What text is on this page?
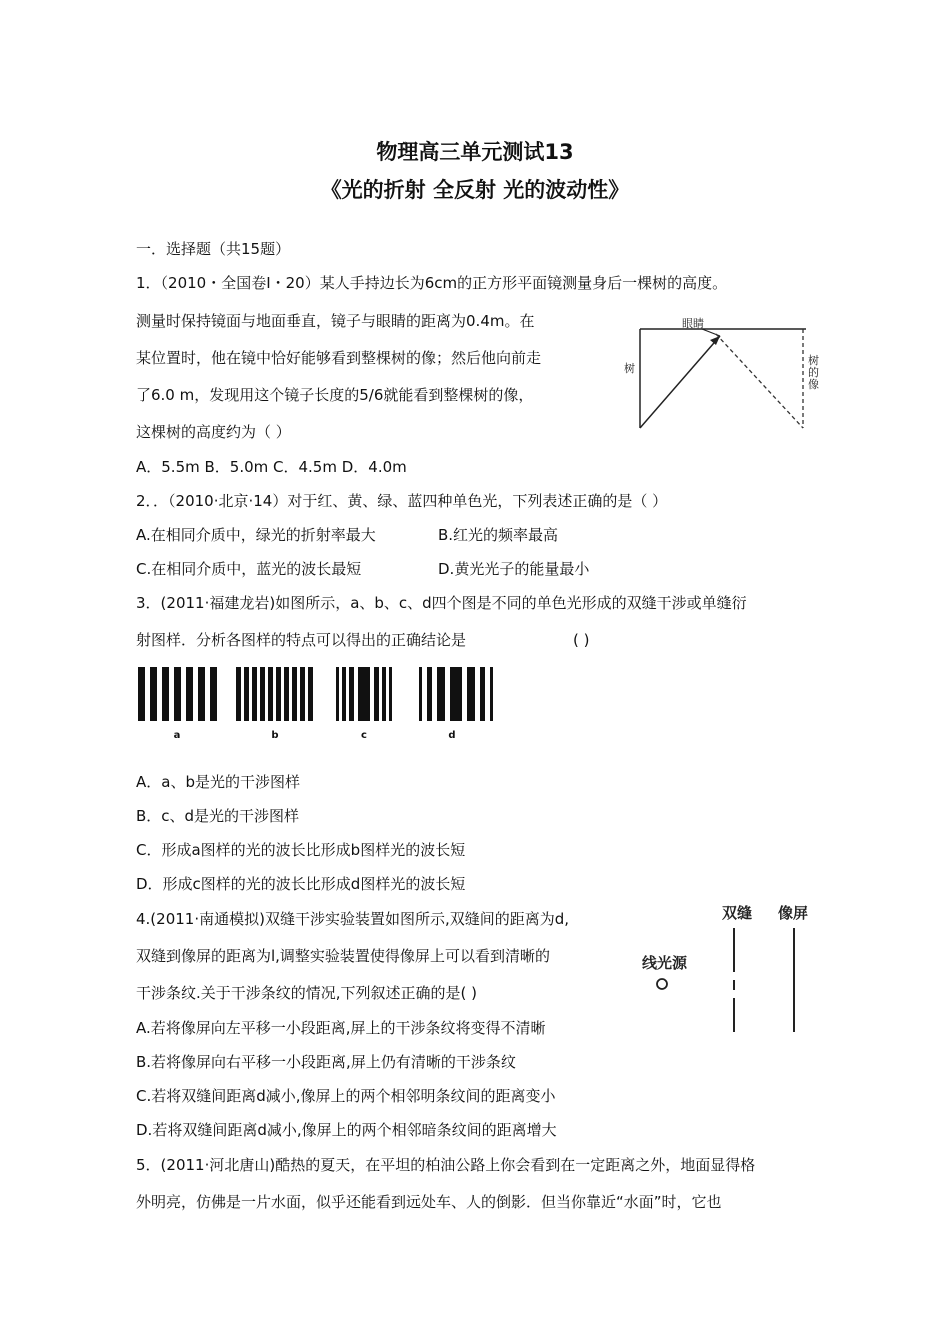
物理高三单元测试13
《光的折射 全反射 光的波动性》
一．选择题（共15题）
1．（2010・全国卷Ⅰ・20）某人手持边长为6cm的正方形平面镜测量身后一棵树的高度。
测量时保持镜面与地面垂直，镜子与眼睛的距离为0.4m。在
某位置时，他在镜中恰好能够看到整棵树的像；然后他向前走
了6.0 m，发现用这个镜子长度的5/6就能看到整棵树的像，
这棵树的高度约为（ ）
A．5.5m B．5.0m C．4.5m D．4.0m
眼睛
树
树
的
像
2．．（2010·北京·14）对于红、黄、绿、蓝四种单色光，下列表述正确的是（ ）
A.在相同介质中，绿光的折射率最大	B.红光的频率最高
C.在相同介质中，蓝光的波长最短	D.黄光光子的能量最小
3．(2011·福建龙岩)如图所示，a、b、c、d四个图是不同的单色光形成的双缝干涉或单缝衍
射图样．分析各图样的特点可以得出的正确结论是	( )
a	b	c	d
A．a、b是光的干涉图样
B．c、d是光的干涉图样
C．形成a图样的光的波长比形成b图样光的波长短
D．形成c图样的光的波长比形成d图样光的波长短
4.(2011·南通模拟)双缝干涉实验装置如图所示,双缝间的距离为d,
双缝到像屏的距离为l,调整实验装置使得像屏上可以看到清晰的
干涉条纹.关于干涉条纹的情况,下列叙述正确的是( )
双缝 像屏
线光源
A.若将像屏向左平移一小段距离,屏上的干涉条纹将变得不清晰
B.若将像屏向右平移一小段距离,屏上仍有清晰的干涉条纹
C.若将双缝间距离d减小,像屏上的两个相邻明条纹间的距离变小
D.若将双缝间距离d减小,像屏上的两个相邻暗条纹间的距离增大
5．(2011·河北唐山)酷热的夏天，在平坦的柏油公路上你会看到在一定距离之外，地面显得格
外明亮，仿佛是一片水面，似乎还能看到远处车、人的倒影．但当你靠近“水面”时，它也
